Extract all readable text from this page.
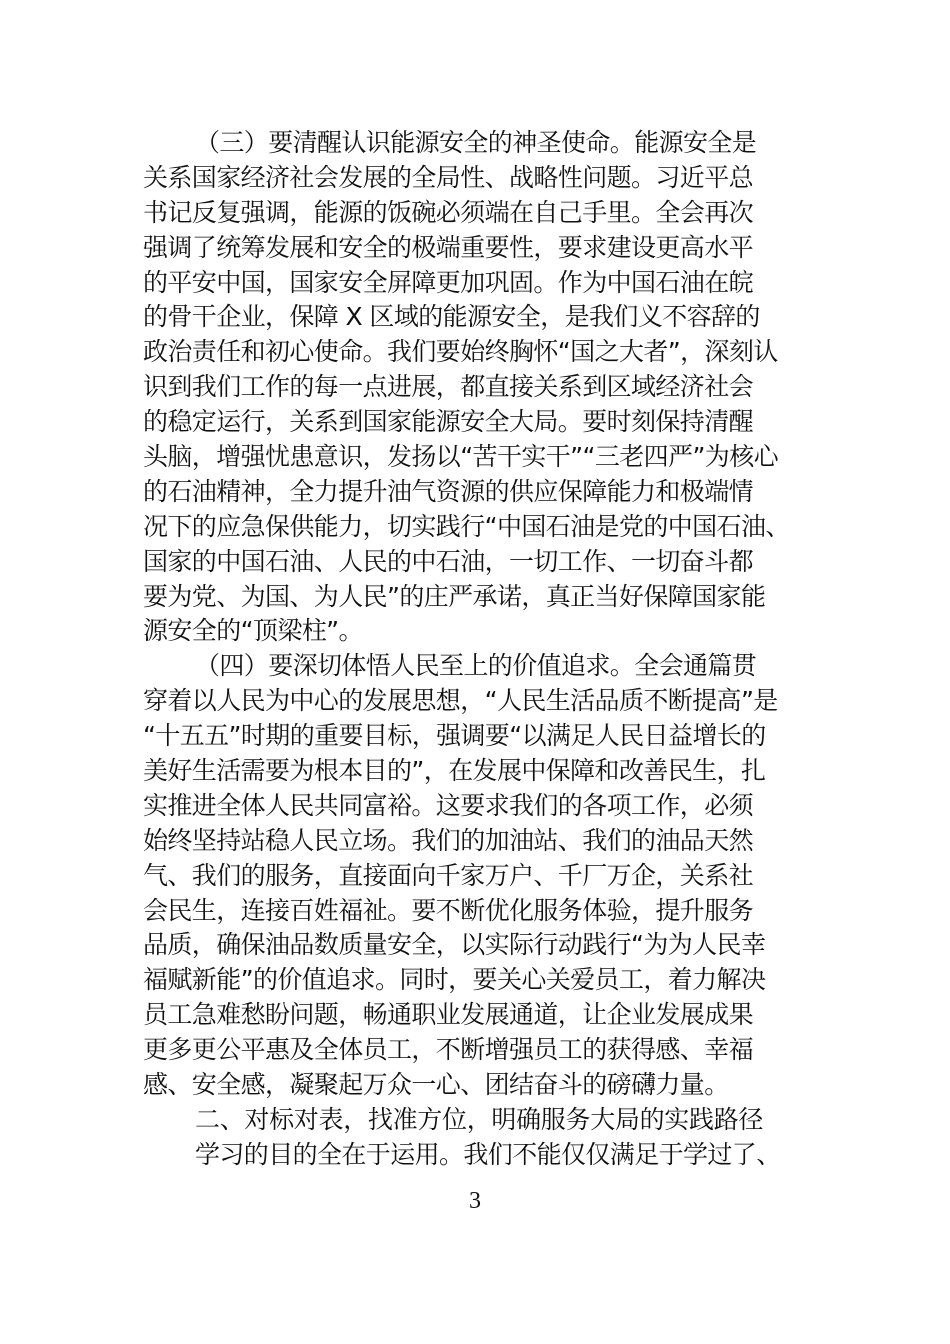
（三）要清醒认识能源安全的神圣使命。能源安全是
关系国家经济社会发展的全局性、战略性问题。习近平总
书记反复强调，能源的饭碗必须端在自己手里。全会再次
强调了统筹发展和安全的极端重要性，要求建设更高水平
的平安中国，国家安全屏障更加巩固。作为中国石油在皖
的骨干企业，保障 X 区域的能源安全，是我们义不容辞的
政治责任和初心使命。我们要始终胸怀“国之大者”，深刻认
识到我们工作的每一点进展，都直接关系到区域经济社会
的稳定运行，关系到国家能源安全大局。要时刻保持清醒
头脑，增强忧患意识，发扬以“苦干实干”“三老四严”为核心
的石油精神，全力提升油气资源的供应保障能力和极端情
况下的应急保供能力，切实践行“中国石油是党的中国石油、
国家的中国石油、人民的中石油，一切工作、一切奋斗都
要为党、为国、为人民”的庄严承诺，真正当好保障国家能
源安全的“顶梁柱”。
（四）要深切体悟人民至上的价值追求。全会通篇贯
穿着以人民为中心的发展思想，“人民生活品质不断提高”是
“十五五”时期的重要目标，强调要“以满足人民日益增长的
美好生活需要为根本目的”，在发展中保障和改善民生，扎
实推进全体人民共同富裕。这要求我们的各项工作，必须
始终坚持站稳人民立场。我们的加油站、我们的油品天然
气、我们的服务，直接面向千家万户、千厂万企，关系社
会民生，连接百姓福祉。要不断优化服务体验，提升服务
品质，确保油品数质量安全，以实际行动践行“为为人民幸
福赋新能”的价值追求。同时，要关心关爱员工，着力解决
员工急难愁盼问题，畅通职业发展通道，让企业发展成果
更多更公平惠及全体员工，不断增强员工的获得感、幸福
感、安全感，凝聚起万众一心、团结奋斗的磅礴力量。
二、对标对表，找准方位，明确服务大局的实践路径
学习的目的全在于运用。我们不能仅仅满足于学过了、
3
